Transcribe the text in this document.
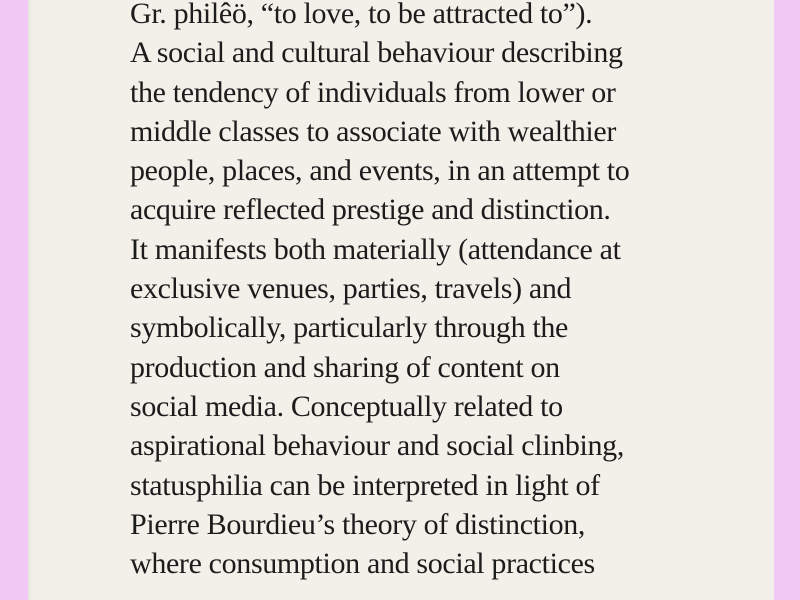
Gr. philêö, “to love, to be attracted to”).
A social and cultural behaviour describing
the tendency of individuals from lower or
middle classes to associate with wealthier
people, places, and events, in an attempt to
acquire reflected prestige and distinction.
It manifests both materially (attendance at
exclusive venues, parties, travels) and
symbolically, particularly through the
production and sharing of content on
social media. Conceptually related to
aspirational behaviour and social clinbing,
statusphilia can be interpreted in light of
Pierre Bourdieu’s theory of distinction,
where consumption and social practices
